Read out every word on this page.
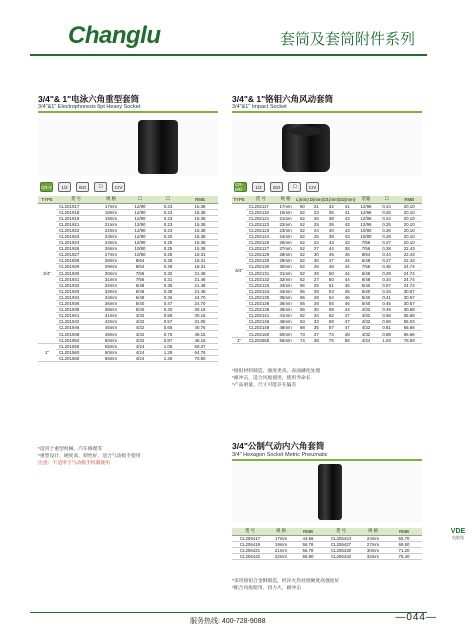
Changlu	套筒及套筒附件系列
3/4"& 1"电泳六角重型套筒
3/4"&1" Electrophoresis 6pt Heavy Socket
CR-V	1/2	ISO	☐	CrV
TYPE	货 号	规 格	☐	☐	RMB
3/4"	CL201917	17mm	12/90	0.23	15.38
	CL201918	18mm	12/90	0.23	15.38
	CL201919	19mm	12/90	0.23	15.38
	CL201921	21mm	12/90	0.23	15.38
	CL201922	22mm	12/90	0.23	15.38
	CL201923	23mm	12/90	0.25	15.38
	CL201924	24mm	12/90	0.25	15.38
	CL201926	26mm	10/80	0.25	15.38
	CL201927	27mm	10/80	0.28	18.31
	CL201928	28mm	8/64	0.28	18.31
	CL201929	29mm	8/64	0.28	18.31
	CL201930	30mm	7/56	0.30	21.48
	CL201931	31mm	7/56	0.31	21.48
	CL201932	32mm	6/48	0.35	21.48
	CL201933	33mm	6/48	0.38	21.48
	CL201934	34mm	6/48	0.36	24.70
	CL201936	36mm	5/40	0.47	24.70
	CL201938	38mm	5/40	0.40	30.16
	CL201941	41mm	4/32	0.58	30.16
	CL201942	42mm	4/32	0.57	31.05
	CL201946	46mm	4/32	0.66	40.76
	CL201948	48mm	4/32	0.75	48.15
	CL201950	50mm	4/32	0.87	48.15
1"	CL201555	55mm	4/24	1.06	50.37
	CL201560	60mm	4/24	1.29	64.76
	CL201565	65mm	4/24	1.46	70.60
*适用于重型机械、汽车修理等
*重型设计、硬度高、韧性好，适合气动扳手使用
注意：不适用于气动扳手机器使用
3/4"& 1"铬钼六角风动套筒
3/4"&1" Impact Socket
CR-MO	1/2	ISO	☐	CrV
TYPE	货 号	规 格	L(mm)	D(mm)	D1(mm)	D2(mm)	装箱	☐	RMB
3/4"	CL202117	17mm	50	21	32	41	12/96	0.24	20.10
	CL202119	19mm	52	23	35	41	12/96	0.25	20.10
	CL202121	21mm	52	26	38	43	12/96	0.24	20.10
	CL202122	22mm	52	25	39	43	12/96	0.25	20.10
	CL202123	23mm	52	24	40	43	10/80	0.26	20.10
	CL202124	24mm	52	25	39	43	10/80	0.28	20.10
	CL202126	26mm	52	22	43	43	7/56	0.27	20.10
	CL202127	27mm	52	27	44	38	7/56	0.28	22.43
	CL202128	28mm	52	30	45	45	8/64	0.44	22.43
	CL202129	29mm	52	30	47	44	6/48	0.27	22.43
	CL202130	30mm	52	25	48	44	7/56	0.36	24.74
	CL202131	31mm	52	29	50	44	6/48	0.29	24.74
	CL202132	32mm	52	27	50	44	6/48	0.34	24.74
	CL202133	33mm	56	25	51	45	5/40	0.57	24.74
	CL202134	34mm	56	28	53	45	5/40	0.34	30.57
	CL202135	35mm	56	29	54	46	5/40	0.41	30.57
	CL202136	36mm	56	28	55	46	5/40	0.45	30.57
	CL202138	38mm	56	30	58	44	4/32	0.49	30.68
	CL202141	41mm	62	34	62	47	4/32	0.58	36.68
	CL202146	46mm	63	33	68	47	4/32	0.68	55.03
	CL202148	48mm	68	35	67	47	4/32	0.81	66.66
	CL202150	50mm	73	37	73	48	4/32	0.88	66.66
1"	CL202555	55mm	74	38	75	56	4/24	1.03	78.59
*铬钼材料锻造，强度更高，表面磷化处理
*耐冲击，适合风炮使用，使用寿命长
*产品重量、尺寸可能存在偏差
3/4"公制气动内六角套筒
3/4" Hexagon Socket Metric Pneumatic
货 号	规 格	RMB	货 号	规 格	RMB
CL206417	17mm	44.66	CL206424	24mm	65.70
CL206419	19mm	56.78	CL206427	27mm	69.50
CL206421	21mm	56.78	CL206430	30mm	71.20
CL206422	22mm	58.90	CL206432	32mm	78.20
*采用铬钼合金钢锻造，经淬火热处理硬度高强度好
*配合风炮使用，扭力大，耐冲击
VDE
电绝缘
服务热线: 400-728-9088	—044—
